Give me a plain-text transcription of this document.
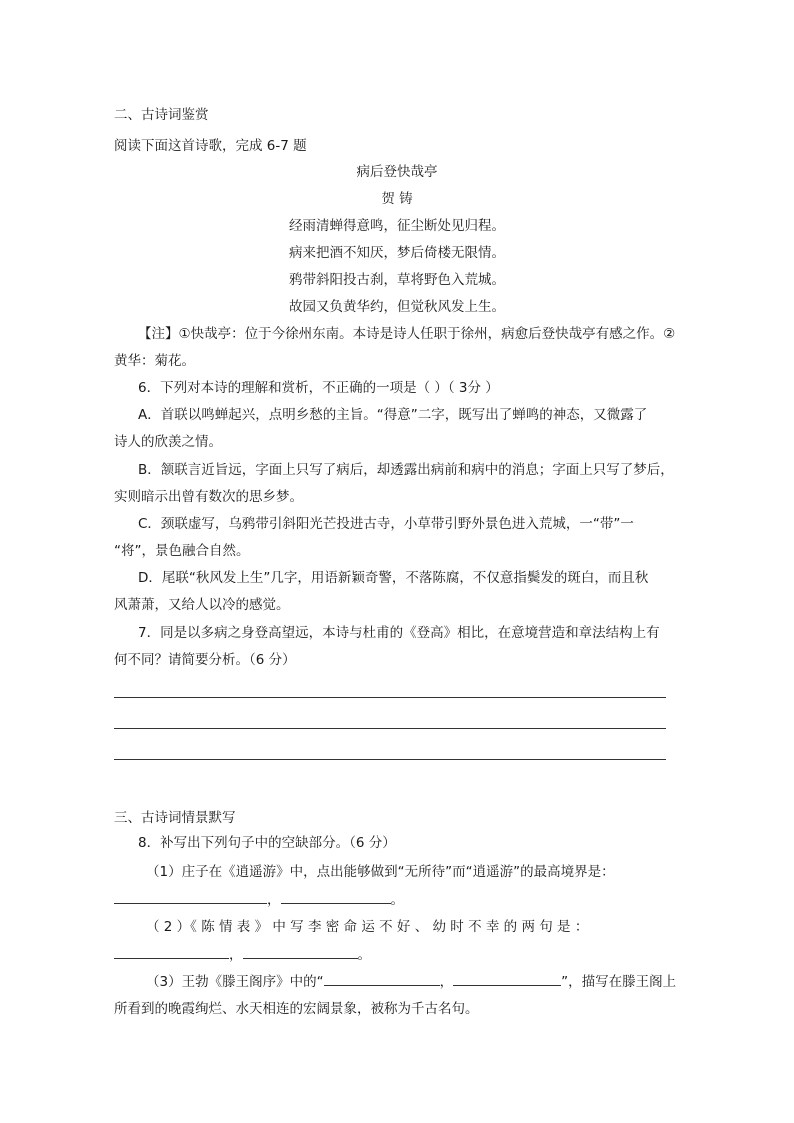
二、古诗词鉴赏
阅读下面这首诗歌，完成 6-7 题
病后登快哉亭
贺 铸
经雨清蝉得意鸣，征尘断处见归程。
病来把酒不知厌，梦后倚楼无限情。
鸦带斜阳投古刹，草将野色入荒城。
故园又负黄华约，但觉秋风发上生。
【注】①快哉亭：位于今徐州东南。本诗是诗人任职于徐州，病愈后登快哉亭有感之作。②
黄华：菊花。
6．下列对本诗的理解和赏析，不正确的一项是（ ）（ 3分 ）
A．首联以鸣蝉起兴，点明乡愁的主旨。“得意”二字，既写出了蝉鸣的神态，又微露了
诗人的欣羡之情。
B．颔联言近旨远，字面上只写了病后，却透露出病前和病中的消息；字面上只写了梦后，
实则暗示出曾有数次的思乡梦。
C．颈联虚写，乌鸦带引斜阳光芒投进古寺，小草带引野外景色进入荒城，一“带”一
“将”，景色融合自然。
D．尾联“秋风发上生”几字，用语新颖奇警，不落陈腐，不仅意指鬓发的斑白，而且秋
风萧萧，又给人以冷的感觉。
7．同是以多病之身登高望远，本诗与杜甫的《登高》相比，在意境营造和章法结构上有
何不同？请简要分析。（6 分）
三、古诗词情景默写
8．补写出下列句子中的空缺部分。（6 分）
（1）庄子在《逍遥游》中，点出能够做到“无所待”而“逍遥游”的最高境界是：
，	。
（ 2 ）《 陈 情 表 》 中 写 李 密 命 运 不 好 、 幼 时 不 幸 的 两 句 是 ：
，	。
（3）王勃《滕王阁序》中的“	，	”，描写在滕王阁上
所看到的晚霞绚烂、水天相连的宏阔景象，被称为千古名句。
